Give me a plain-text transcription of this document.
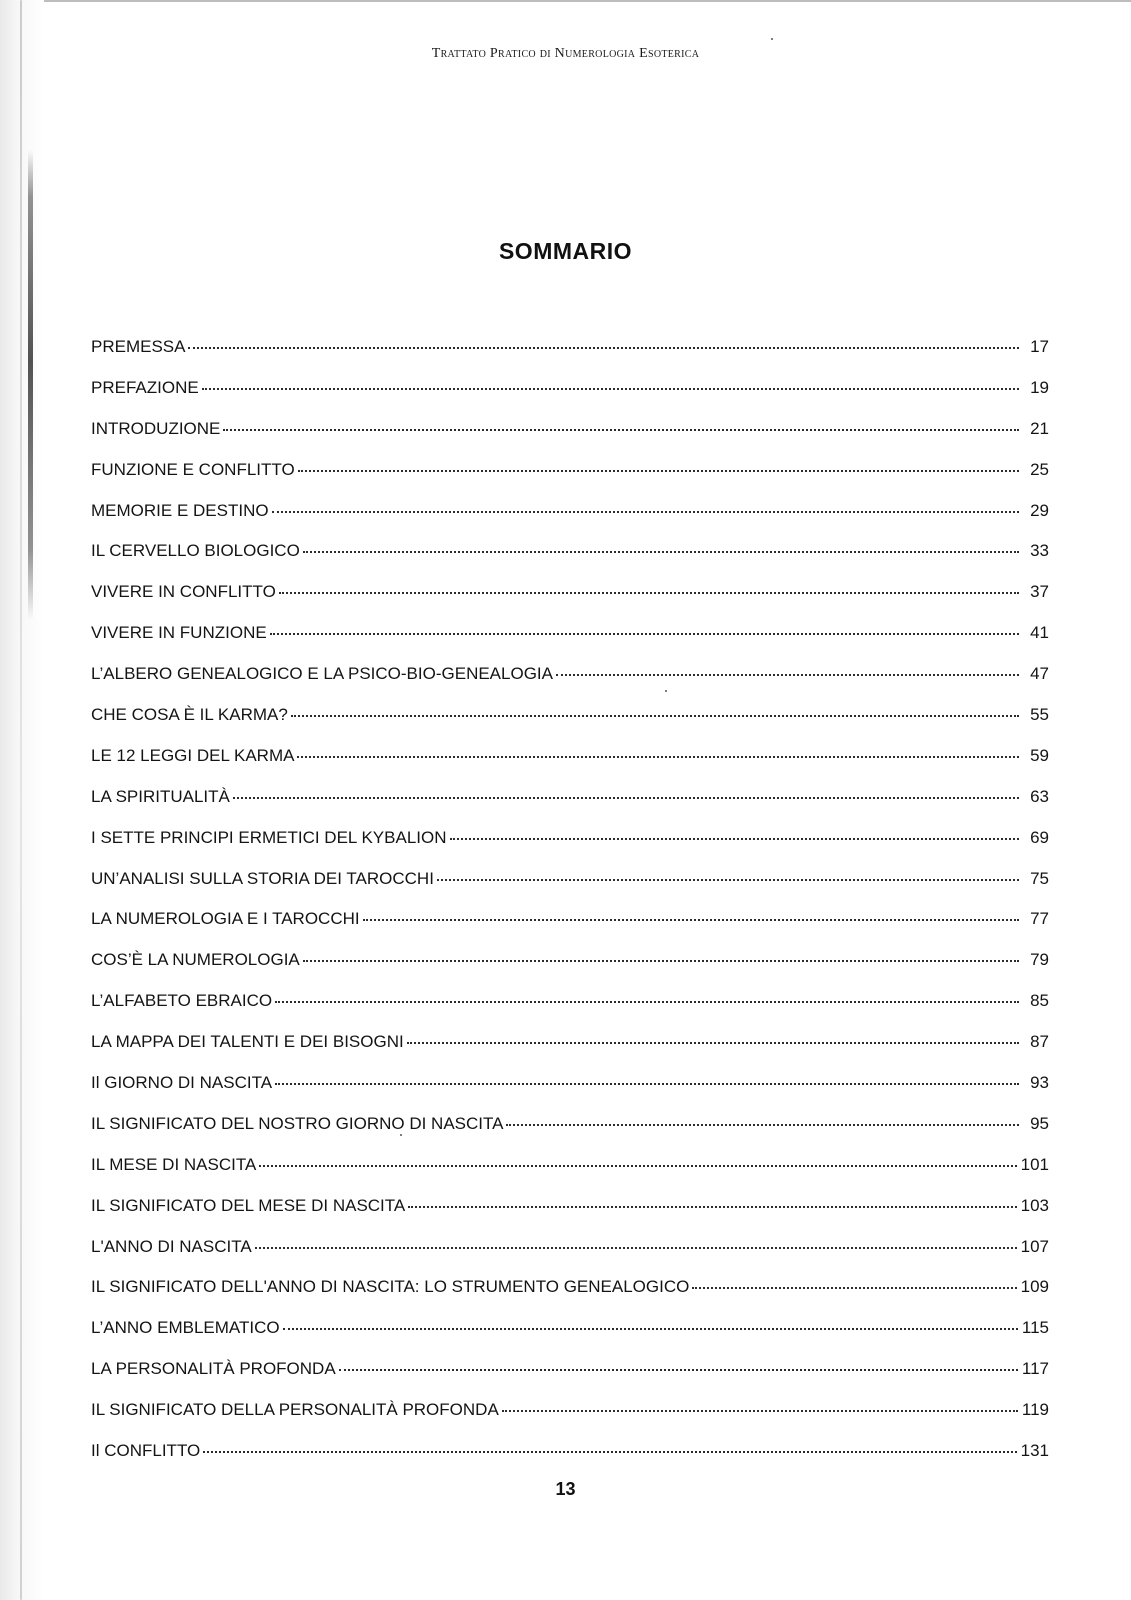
Trattato Pratico di Numerologia Esoterica
SOMMARIO
PREMESSA	17
PREFAZIONE	19
INTRODUZIONE	21
FUNZIONE E CONFLITTO	25
MEMORIE E DESTINO	29
IL CERVELLO BIOLOGICO	33
VIVERE IN CONFLITTO	37
VIVERE IN FUNZIONE	41
L’ALBERO GENEALOGICO E LA PSICO-BIO-GENEALOGIA	47
CHE COSA È IL KARMA?	55
LE 12 LEGGI DEL KARMA	59
LA SPIRITUALITÀ	63
I SETTE PRINCIPI ERMETICI DEL KYBALION	69
UN’ANALISI SULLA STORIA DEI TAROCCHI	75
LA NUMEROLOGIA E I TAROCCHI	77
COS’È LA NUMEROLOGIA	79
L’ALFABETO EBRAICO	85
LA MAPPA DEI TALENTI E DEI BISOGNI	87
Il GIORNO DI NASCITA	93
IL SIGNIFICATO DEL NOSTRO GIORNO DI NASCITA	95
IL MESE DI NASCITA	101
IL SIGNIFICATO DEL MESE DI NASCITA	103
L'ANNO DI NASCITA	107
IL SIGNIFICATO DELL'ANNO DI NASCITA: LO STRUMENTO GENEALOGICO	109
L’ANNO EMBLEMATICO	115
LA PERSONALITÀ PROFONDA	117
IL SIGNIFICATO DELLA PERSONALITÀ PROFONDA	119
Il CONFLITTO	131
13
